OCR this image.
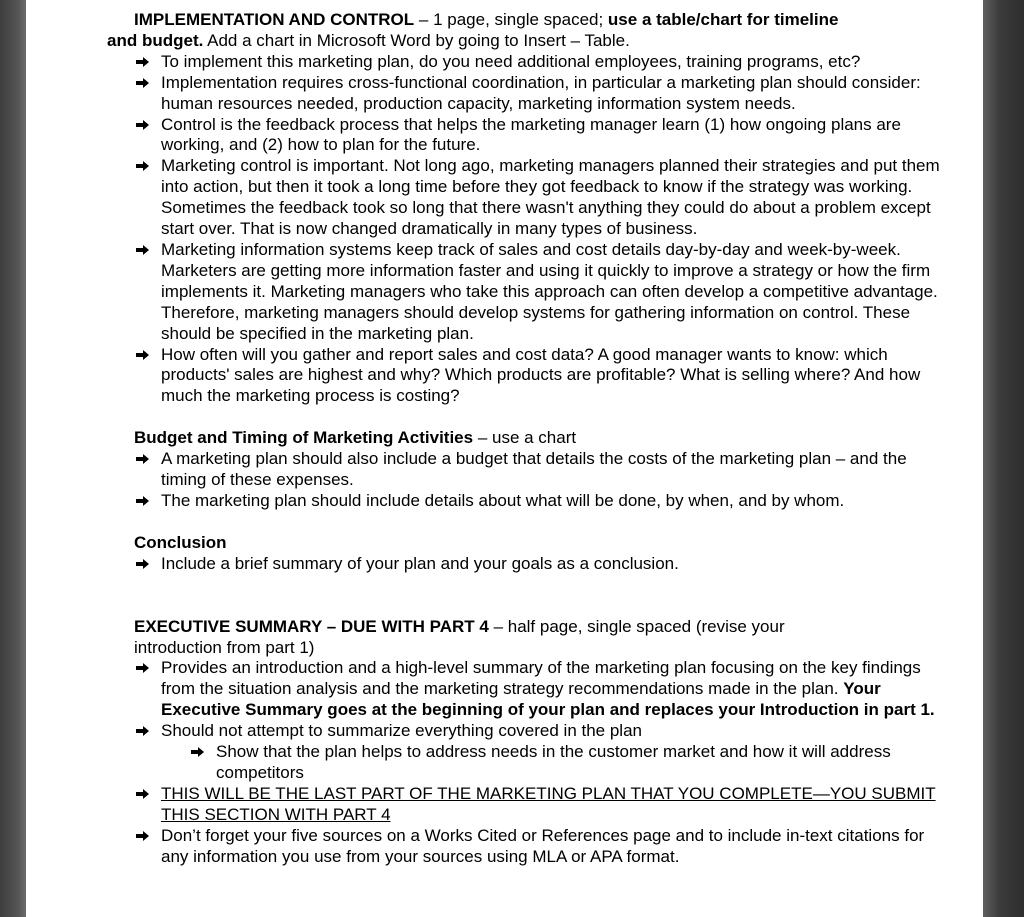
IMPLEMENTATION AND CONTROL – 1 page, single spaced; use a table/chart for timeline

and budget. Add a chart in Microsoft Word by going to Insert – Table.

To implement this marketing plan, do you need additional employees, training programs, etc?

Implementation requires cross-functional coordination, in particular a marketing plan should consider: human resources needed, production capacity, marketing information system needs.

Control is the feedback process that helps the marketing manager learn (1) how ongoing plans are working, and (2) how to plan for the future.

Marketing control is important. Not long ago, marketing managers planned their strategies and put them into action, but then it took a long time before they got feedback to know if the strategy was working. Sometimes the feedback took so long that there wasn't anything they could do about a problem except start over. That is now changed dramatically in many types of business.

Marketing information systems keep track of sales and cost details day-by-day and week-by-week. Marketers are getting more information faster and using it quickly to improve a strategy or how the firm implements it. Marketing managers who take this approach can often develop a competitive advantage. Therefore, marketing managers should develop systems for gathering information on control. These should be specified in the marketing plan.

How often will you gather and report sales and cost data? A good manager wants to know: which products' sales are highest and why? Which products are profitable? What is selling where? And how much the marketing process is costing?

Budget and Timing of Marketing Activities – use a chart

A marketing plan should also include a budget that details the costs of the marketing plan – and the timing of these expenses.

The marketing plan should include details about what will be done, by when, and by whom.

Conclusion

Include a brief summary of your plan and your goals as a conclusion.

EXECUTIVE SUMMARY – DUE WITH PART 4 – half page, single spaced (revise your

introduction from part 1)

Provides an introduction and a high-level summary of the marketing plan focusing on the key findings from the situation analysis and the marketing strategy recommendations made in the plan. Your Executive Summary goes at the beginning of your plan and replaces your Introduction in part 1.

Should not attempt to summarize everything covered in the plan

Show that the plan helps to address needs in the customer market and how it will address competitors

THIS WILL BE THE LAST PART OF THE MARKETING PLAN THAT YOU COMPLETE—YOU SUBMIT THIS SECTION WITH PART 4

Don’t forget your five sources on a Works Cited or References page and to include in-text citations for any information you use from your sources using MLA or APA format.
